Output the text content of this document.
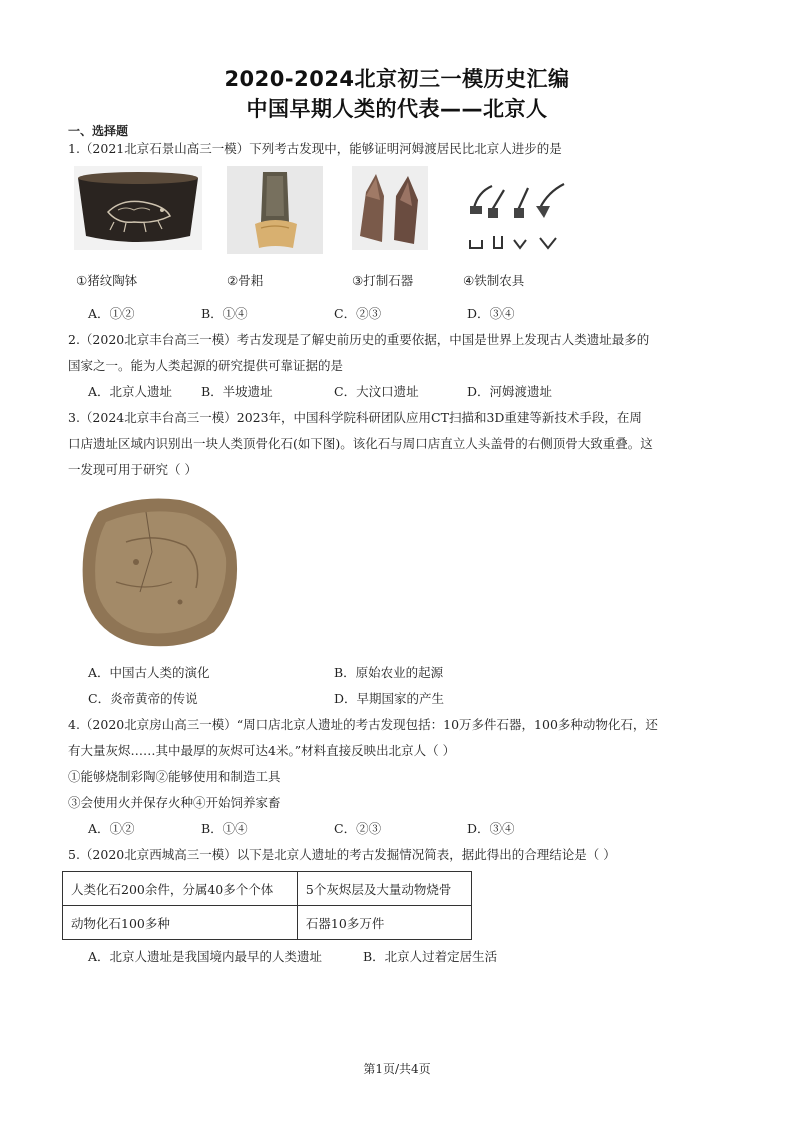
2020-2024北京初三一模历史汇编
中国早期人类的代表——北京人
一、选择题
1.（2021北京石景山高三一模）下列考古发现中，能够证明河姆渡居民比北京人进步的是
①猪纹陶钵	②骨耜	③打制石器	④铁制农具
A．①②	B．①④	C．②③	D．③④
2.（2020北京丰台高三一模）考古发现是了解史前历史的重要依据，中国是世界上发现古人类遗址最多的
国家之一。能为人类起源的研究提供可靠证据的是
A．北京人遗址 B．半坡遗址	C．大汶口遗址	D．河姆渡遗址
3.（2024北京丰台高三一模）2023年，中国科学院科研团队应用CT扫描和3D重建等新技术手段，在周
口店遗址区域内识别出一块人类顶骨化石(如下图)。该化石与周口店直立人头盖骨的右侧顶骨大致重叠。这
一发现可用于研究（ ）
A．中国古人类的演化	B．原始农业的起源
C．炎帝黄帝的传说	D．早期国家的产生
4.（2020北京房山高三一模）“周口店北京人遗址的考古发现包括：10万多件石器，100多种动物化石，还
有大量灰烬……其中最厚的灰烬可达4米。”材料直接反映出北京人（ ）
①能够烧制彩陶②能够使用和制造工具
③会使用火并保存火种④开始饲养家畜
A．①②	B．①④	C．②③	D．③④
5.（2020北京西城高三一模）以下是北京人遗址的考古发掘情况简表，据此得出的合理结论是（ ）
人类化石200余件，分属40多个个体	5个灰烬层及大量动物烧骨
动物化石100多种	石器10多万件
A．北京人遗址是我国境内最早的人类遗址	B．北京人过着定居生活
第1页/共4页
